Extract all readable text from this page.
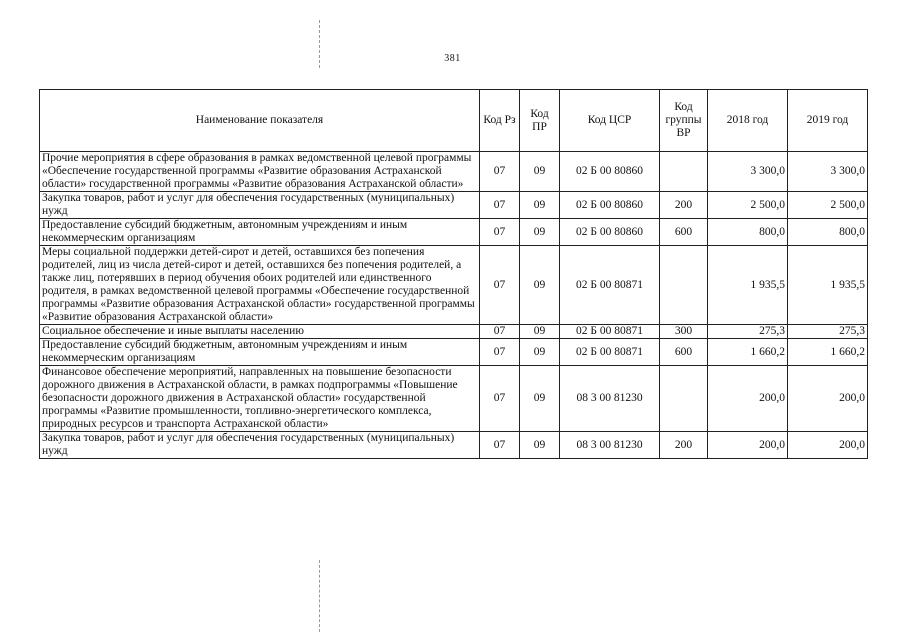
381
Наименование показателя	Код Рз	Код ПР	Код ЦСР	Код группы ВР	2018 год	2019 год
Прочие мероприятия в сфере образования в рамках ведомственной целевой программы «Обеспечение государственной программы «Развитие образования Астраханской области» государственной программы «Развитие образования Астраханской области»	07	09	02 Б 00 80860		3 300,0	3 300,0
Закупка товаров, работ и услуг для обеспечения государственных (муниципальных) нужд	07	09	02 Б 00 80860	200	2 500,0	2 500,0
Предоставление субсидий бюджетным, автономным учреждениям и иным некоммерческим организациям	07	09	02 Б 00 80860	600	800,0	800,0
Меры социальной поддержки детей-сирот и детей, оставшихся без попечения родителей, лиц из числа детей-сирот и детей, оставшихся без попечения родителей, а также лиц, потерявших в период обучения обоих родителей или единственного родителя, в рамках ведомственной целевой программы «Обеспечение государственной программы «Развитие образования Астраханской области» государственной программы «Развитие образования Астраханской области»	07	09	02 Б 00 80871		1 935,5	1 935,5
Социальное обеспечение и иные выплаты населению	07	09	02 Б 00 80871	300	275,3	275,3
Предоставление субсидий бюджетным, автономным учреждениям и иным некоммерческим организациям	07	09	02 Б 00 80871	600	1 660,2	1 660,2
Финансовое обеспечение мероприятий, направленных на повышение безопасности дорожного движения в Астраханской области, в рамках подпрограммы «Повышение безопасности дорожного движения в Астраханской области» государственной программы «Развитие промышленности, топливно-энергетического комплекса, природных ресурсов и транспорта Астраханской области»	07	09	08 3 00 81230		200,0	200,0
Закупка товаров, работ и услуг для обеспечения государственных (муниципальных) нужд	07	09	08 3 00 81230	200	200,0	200,0
